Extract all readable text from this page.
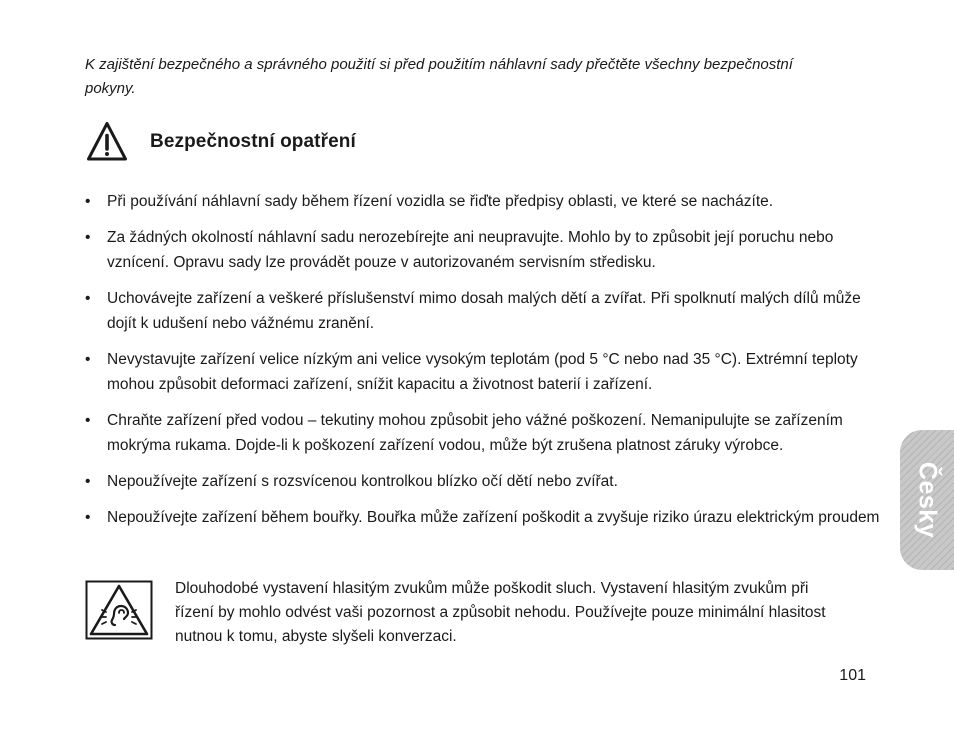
K zajištění bezpečného a správného použití si před použitím náhlavní sady přečtěte všechny bezpečnostní pokyny.

Bezpečnostní opatření
• Při používání náhlavní sady během řízení vozidla se řiďte předpisy oblasti, ve které se nacházíte.
• Za žádných okolností náhlavní sadu nerozebírejte ani neupravujte. Mohlo by to způsobit její poruchu nebo vznícení. Opravu sady lze provádět pouze v autorizovaném servisním středisku.
• Uchovávejte zařízení a veškeré příslušenství mimo dosah malých dětí a zvířat. Při spolknutí malých dílů může dojít k udušení nebo vážnému zranění.
• Nevystavujte zařízení velice nízkým ani velice vysokým teplotám (pod 5 °C nebo nad 35 °C). Extrémní teploty mohou způsobit deformaci zařízení, snížit kapacitu a životnost baterií i zařízení.
• Chraňte zařízení před vodou – tekutiny mohou způsobit jeho vážné poškození. Nemanipulujte se zařízením mokrýma rukama. Dojde-li k poškození zařízení vodou, může být zrušena platnost záruky výrobce.
• Nepoužívejte zařízení s rozsvícenou kontrolkou blízko očí dětí nebo zvířat.
• Nepoužívejte zařízení během bouřky. Bouřka může zařízení poškodit a zvyšuje riziko úrazu elektrickým proudem

Dlouhodobé vystavení hlasitým zvukům může poškodit sluch. Vystavení hlasitým zvukům při řízení by mohlo odvést vaši pozornost a způsobit nehodu. Používejte pouze minimální hlasitost nutnou k tomu, abyste slyšeli konverzaci.

101
Česky
